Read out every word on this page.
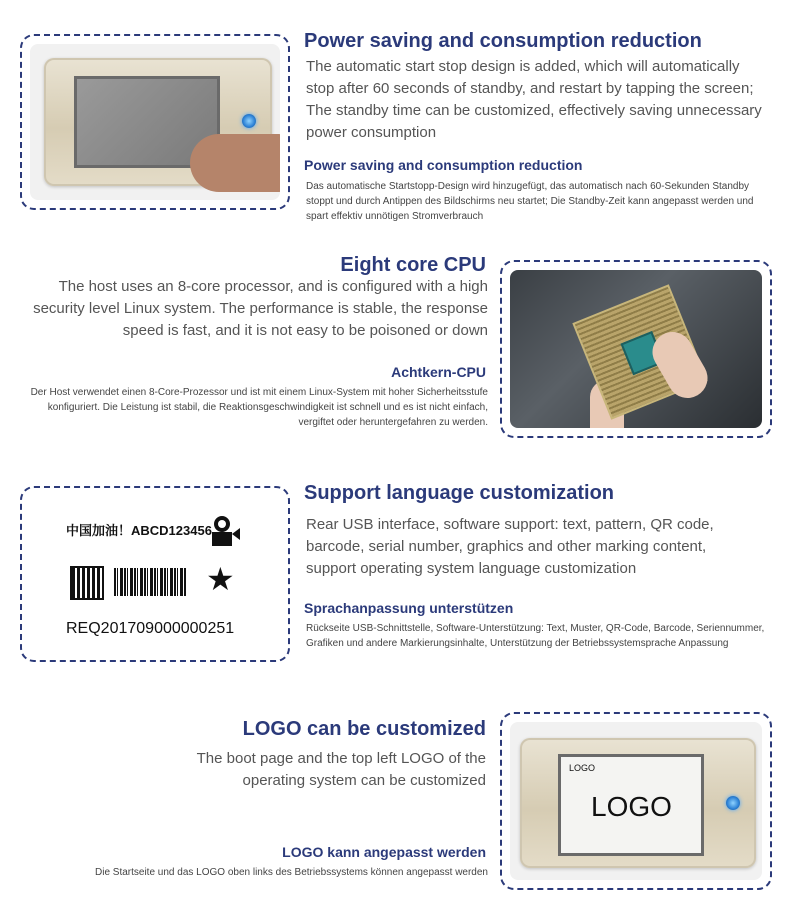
Power saving and consumption reduction
The automatic start stop design is added, which will automatically stop after 60 seconds of standby, and restart by tapping the screen; The standby time can be customized, effectively saving unnecessary power consumption
Power saving and consumption reduction
Das automatische Startstopp-Design wird hinzugefügt, das automatisch nach 60-Sekunden Standby stoppt und durch Antippen des Bildschirms neu startet; Die Standby-Zeit kann angepasst werden und spart effektiv unnötigen Stromverbrauch
Eight core CPU
The host uses an 8-core processor, and is configured with a high security level Linux system. The performance is stable, the response speed is fast, and it is not easy to be poisoned or down
Achtkern-CPU
Der Host verwendet einen 8-Core-Prozessor und ist mit einem Linux-System mit hoher Sicherheitsstufe konfiguriert. Die Leistung ist stabil, die Reaktionsgeschwindigkeit ist schnell und es ist nicht einfach, vergiftet oder heruntergefahren zu werden.
中国加油！ABCD123456
★
REQ201709000000251
Support language customization
Rear USB interface, software support: text, pattern, QR code, barcode, serial number, graphics and other marking content, support operating system language customization
Sprachanpassung unterstützen
Rückseite USB-Schnittstelle, Software-Unterstützung: Text, Muster, QR-Code, Barcode, Seriennummer, Grafiken und andere Markierungsinhalte, Unterstützung der Betriebssystemsprache Anpassung
LOGO can be customized
The boot page and the top left LOGO of the operating system can be customized
LOGO kann angepasst werden
Die Startseite und das LOGO oben links des Betriebssystems können angepasst werden
LOGO
LOGO
